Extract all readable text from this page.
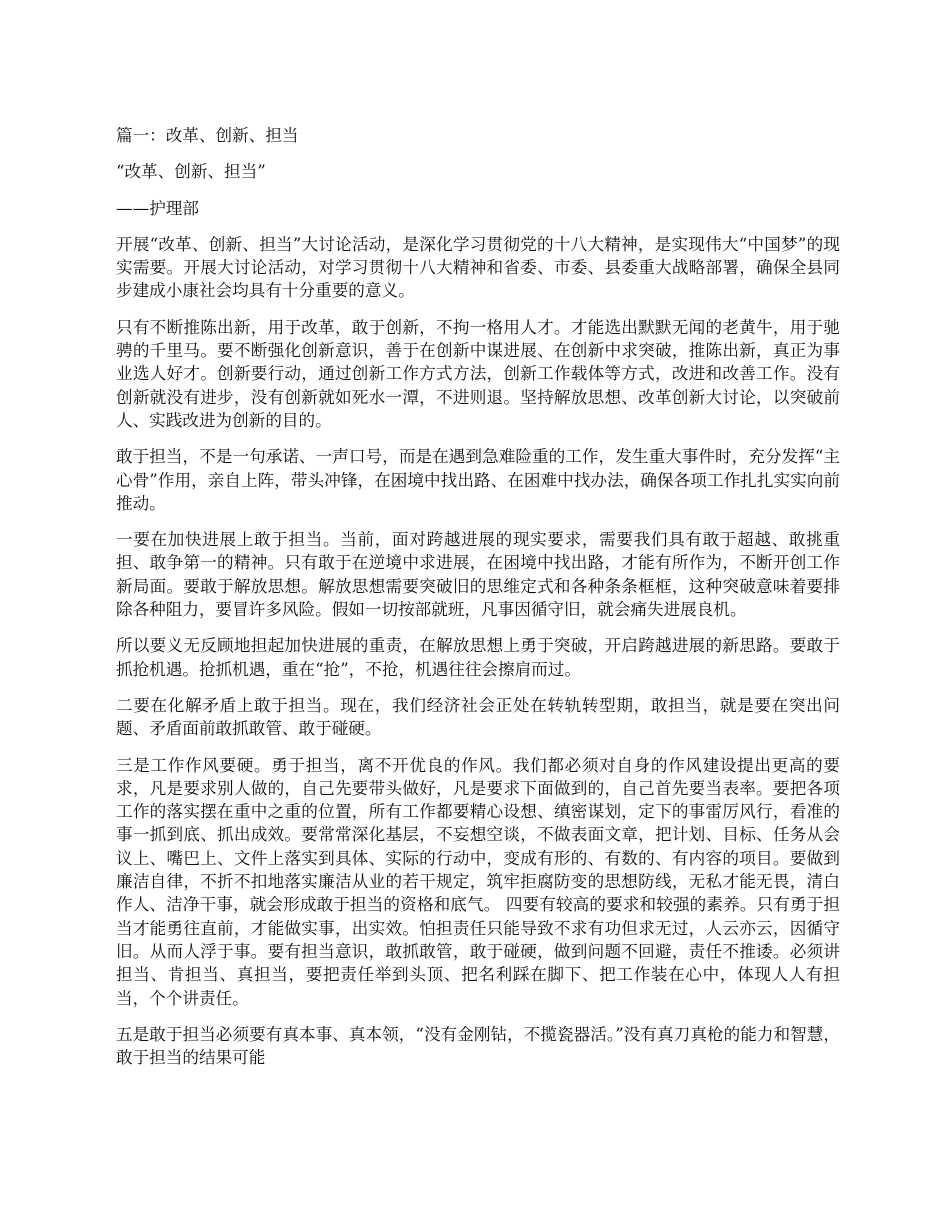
篇一：改革、创新、担当

“改革、创新、担当”

——护理部

开展“改革、创新、担当”大讨论活动，是深化学习贯彻党的十八大精神，是实现伟大“中国梦”的现实需要。开展大讨论活动，对学习贯彻十八大精神和省委、市委、县委重大战略部署，确保全县同步建成小康社会均具有十分重要的意义。

只有不断推陈出新，用于改革，敢于创新，不拘一格用人才。才能选出默默无闻的老黄牛，用于驰骋的千里马。要不断强化创新意识，善于在创新中谋进展、在创新中求突破，推陈出新，真正为事业选人好才。创新要行动，通过创新工作方式方法，创新工作载体等方式，改进和改善工作。没有创新就没有进步，没有创新就如死水一潭，不进则退。坚持解放思想、改革创新大讨论，以突破前人、实践改进为创新的目的。

敢于担当，不是一句承诺、一声口号，而是在遇到急难险重的工作，发生重大事件时，充分发挥“主心骨”作用，亲自上阵，带头冲锋，在困境中找出路、在困难中找办法，确保各项工作扎扎实实向前推动。

一要在加快进展上敢于担当。当前，面对跨越进展的现实要求，需要我们具有敢于超越、敢挑重担、敢争第一的精神。只有敢于在逆境中求进展，在困境中找出路，才能有所作为，不断开创工作新局面。要敢于解放思想。解放思想需要突破旧的思维定式和各种条条框框，这种突破意味着要排除各种阻力，要冒许多风险。假如一切按部就班，凡事因循守旧，就会痛失进展良机。

所以要义无反顾地担起加快进展的重责，在解放思想上勇于突破，开启跨越进展的新思路。要敢于抓抢机遇。抢抓机遇，重在“抢”，不抢，机遇往往会擦肩而过。

二要在化解矛盾上敢于担当。现在，我们经济社会正处在转轨转型期，敢担当，就是要在突出问题、矛盾面前敢抓敢管、敢于碰硬。

三是工作作风要硬。勇于担当，离不开优良的作风。我们都必须对自身的作风建设提出更高的要求，凡是要求别人做的，自己先要带头做好，凡是要求下面做到的，自己首先要当表率。要把各项工作的落实摆在重中之重的位置，所有工作都要精心设想、缜密谋划，定下的事雷厉风行，看准的事一抓到底、抓出成效。要常常深化基层，不妄想空谈，不做表面文章，把计划、目标、任务从会议上、嘴巴上、文件上落实到具体、实际的行动中，变成有形的、有数的、有内容的项目。要做到廉洁自律，不折不扣地落实廉洁从业的若干规定，筑牢拒腐防变的思想防线，无私才能无畏，清白作人、洁净干事，就会形成敢于担当的资格和底气。 四要有较高的要求和较强的素养。只有勇于担当才能勇往直前，才能做实事，出实效。怕担责任只能导致不求有功但求无过，人云亦云，因循守旧。从而人浮于事。要有担当意识，敢抓敢管，敢于碰硬，做到问题不回避，责任不推诿。必须讲担当、肯担当、真担当，要把责任举到头顶、把名利踩在脚下、把工作装在心中，体现人人有担当，个个讲责任。

五是敢于担当必须要有真本事、真本领，“没有金刚钻，不揽瓷器活。”没有真刀真枪的能力和智慧，敢于担当的结果可能
